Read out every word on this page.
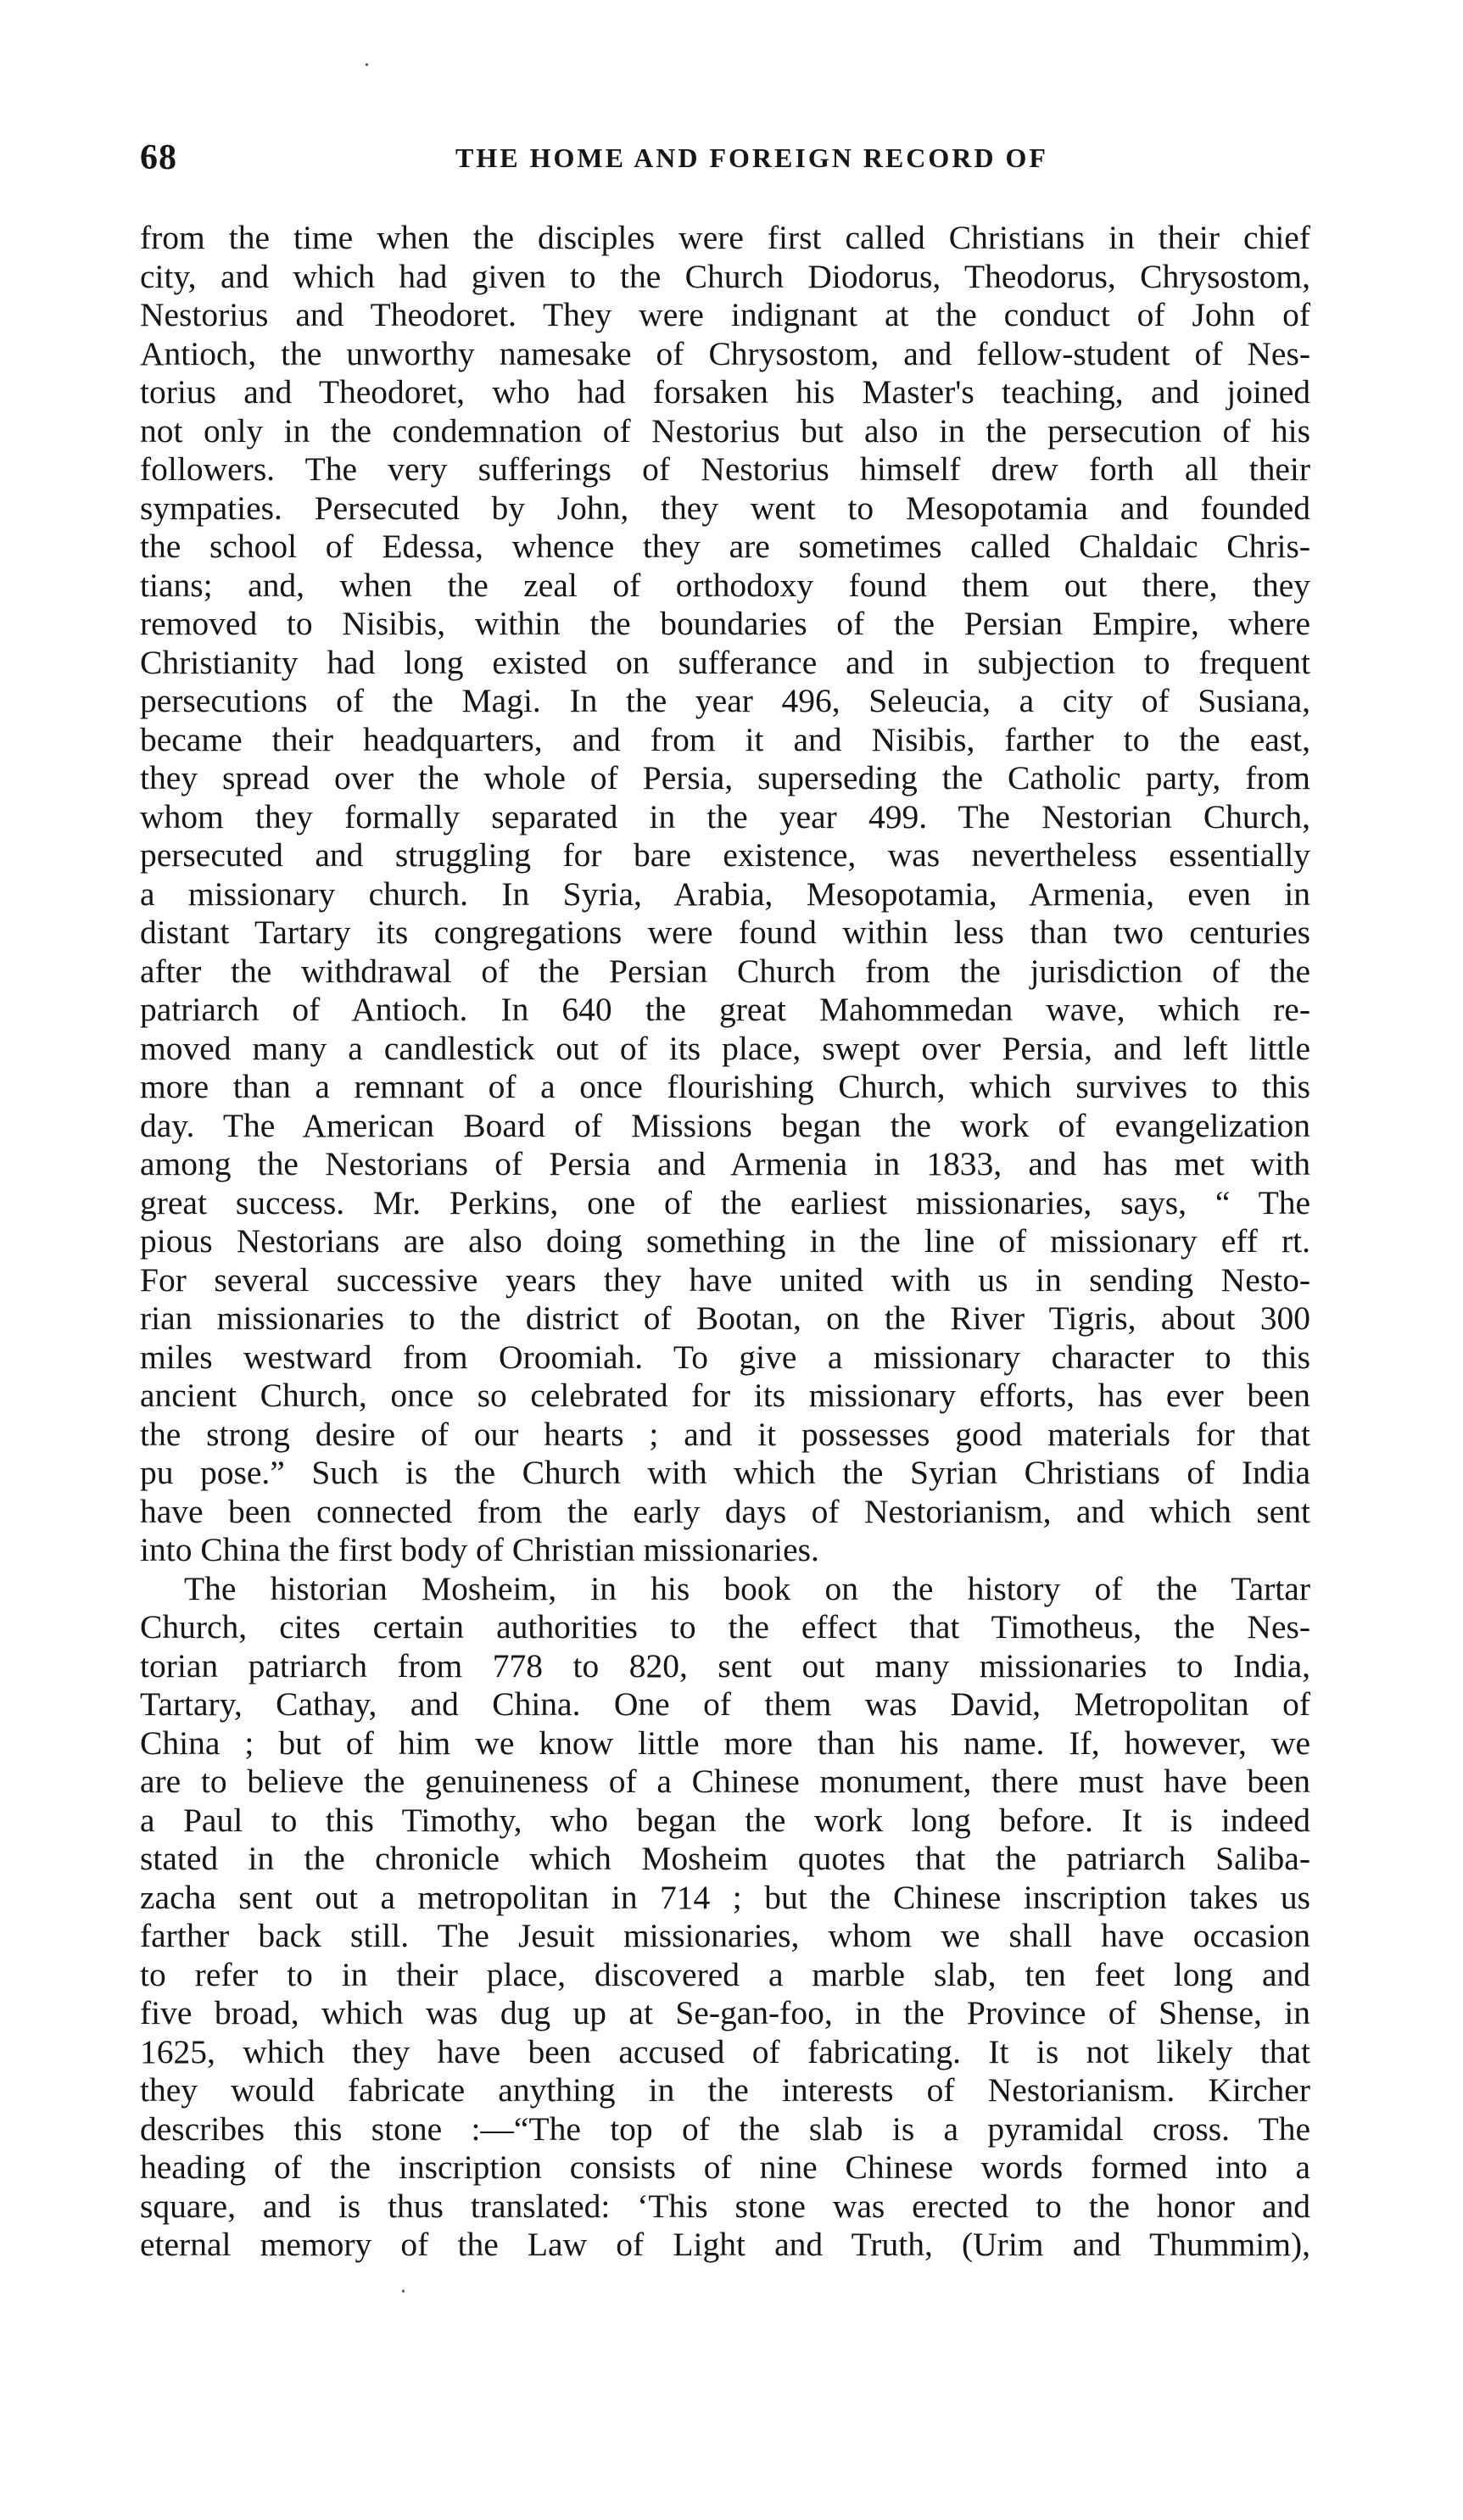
68	THE HOME AND FOREIGN RECORD OF
from the time when the disciples were first called Christians in their chief
city, and which had given to the Church Diodorus, Theodorus, Chrysostom,
Nestorius and Theodoret. They were indignant at the conduct of John of
Antioch, the unworthy namesake of Chrysostom, and fellow-student of Nes-
torius and Theodoret, who had forsaken his Master's teaching, and joined
not only in the condemnation of Nestorius but also in the persecution of his
followers. The very sufferings of Nestorius himself drew forth all their
sympaties. Persecuted by John, they went to Mesopotamia and founded
the school of Edessa, whence they are sometimes called Chaldaic Chris-
tians; and, when the zeal of orthodoxy found them out there, they
removed to Nisibis, within the boundaries of the Persian Empire, where
Christianity had long existed on sufferance and in subjection to frequent
persecutions of the Magi. In the year 496, Seleucia, a city of Susiana,
became their headquarters, and from it and Nisibis, farther to the east,
they spread over the whole of Persia, superseding the Catholic party, from
whom they formally separated in the year 499. The Nestorian Church,
persecuted and struggling for bare existence, was nevertheless essentially
a missionary church. In Syria, Arabia, Mesopotamia, Armenia, even in
distant Tartary its congregations were found within less than two centuries
after the withdrawal of the Persian Church from the jurisdiction of the
patriarch of Antioch. In 640 the great Mahommedan wave, which re-
moved many a candlestick out of its place, swept over Persia, and left little
more than a remnant of a once flourishing Church, which survives to this
day. The American Board of Missions began the work of evangelization
among the Nestorians of Persia and Armenia in 1833, and has met with
great success. Mr. Perkins, one of the earliest missionaries, says, “ The
pious Nestorians are also doing something in the line of missionary eff rt.
For several successive years they have united with us in sending Nesto-
rian missionaries to the district of Bootan, on the River Tigris, about 300
miles westward from Oroomiah. To give a missionary character to this
ancient Church, once so celebrated for its missionary efforts, has ever been
the strong desire of our hearts ; and it possesses good materials for that
pu pose.” Such is the Church with which the Syrian Christians of India
have been connected from the early days of Nestorianism, and which sent
into China the first body of Christian missionaries.
The historian Mosheim, in his book on the history of the Tartar
Church, cites certain authorities to the effect that Timotheus, the Nes-
torian patriarch from 778 to 820, sent out many missionaries to India,
Tartary, Cathay, and China. One of them was David, Metropolitan of
China ; but of him we know little more than his name. If, however, we
are to believe the genuineness of a Chinese monument, there must have been
a Paul to this Timothy, who began the work long before. It is indeed
stated in the chronicle which Mosheim quotes that the patriarch Saliba-
zacha sent out a metropolitan in 714 ; but the Chinese inscription takes us
farther back still. The Jesuit missionaries, whom we shall have occasion
to refer to in their place, discovered a marble slab, ten feet long and
five broad, which was dug up at Se-gan-foo, in the Province of Shense, in
1625, which they have been accused of fabricating. It is not likely that
they would fabricate anything in the interests of Nestorianism. Kircher
describes this stone :—“The top of the slab is a pyramidal cross. The
heading of the inscription consists of nine Chinese words formed into a
square, and is thus translated: ‘This stone was erected to the honor and
eternal memory of the Law of Light and Truth, (Urim and Thummim),
•
•
